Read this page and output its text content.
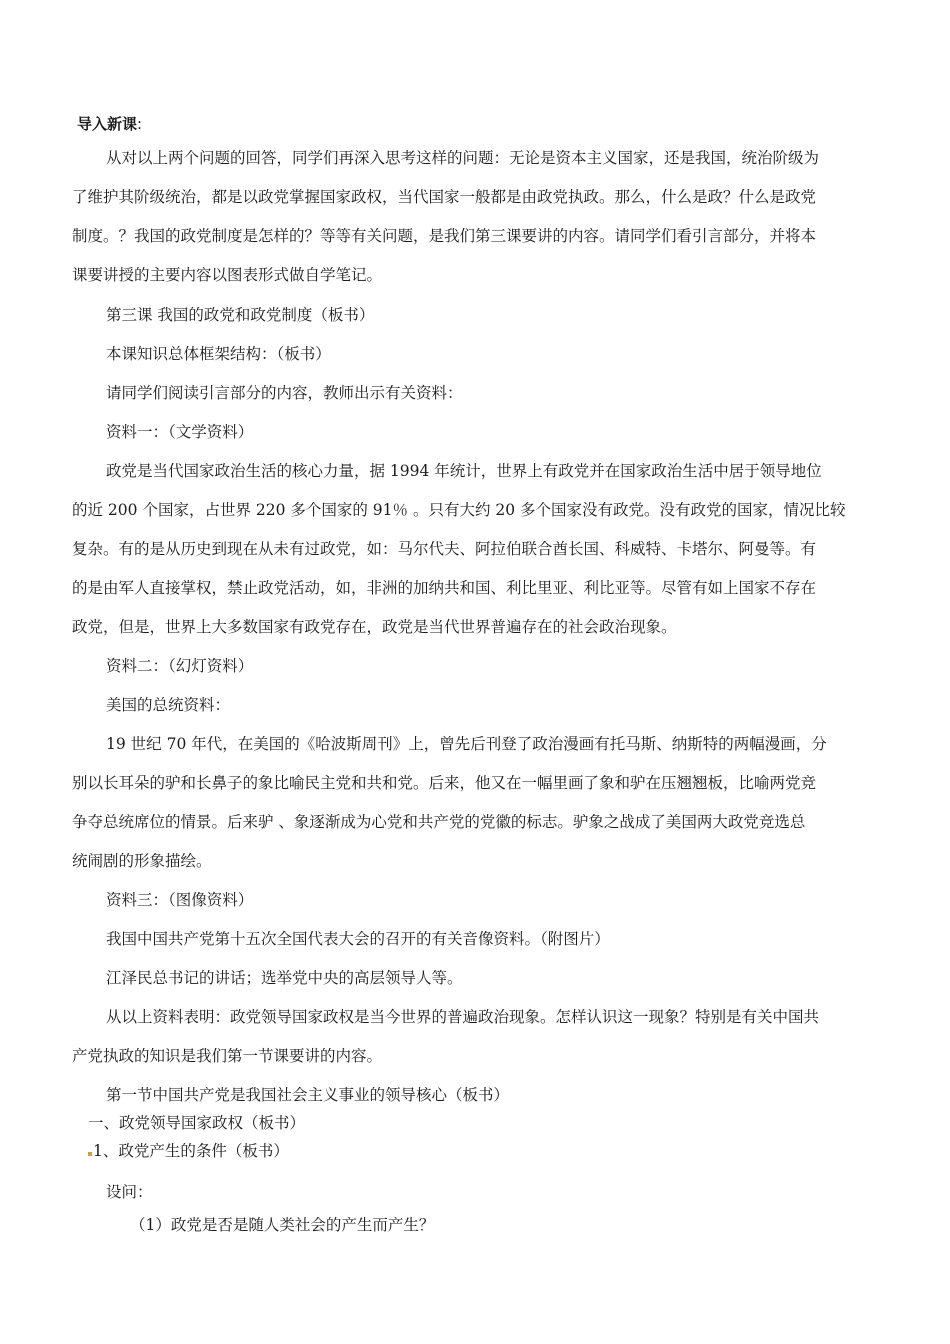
导入新课:
从对以上两个问题的回答，同学们再深入思考这样的问题：无论是资本主义国家，还是我国，统治阶级为
了维护其阶级统治，都是以政党掌握国家政权，当代国家一般都是由政党执政。那么，什么是政？什么是政党
制度。？我国的政党制度是怎样的？等等有关问题，是我们第三课要讲的内容。请同学们看引言部分，并将本
课要讲授的主要内容以图表形式做自学笔记。
第三课 我国的政党和政党制度（板书）
本课知识总体框架结构：（板书）
请同学们阅读引言部分的内容，教师出示有关资料：
资料一：（文学资料）
政党是当代国家政治生活的核心力量，据 1994 年统计，世界上有政党并在国家政治生活中居于领导地位
的近 200 个国家，占世界 220 多个国家的 91％ 。只有大约 20 多个国家没有政党。没有政党的国家，情况比较
复杂。有的是从历史到现在从未有过政党，如：马尔代夫、阿拉伯联合酋长国、科威特、卡塔尔、阿曼等。有
的是由军人直接掌权，禁止政党活动，如，非洲的加纳共和国、利比里亚、利比亚等。尽管有如上国家不存在
政党，但是，世界上大多数国家有政党存在，政党是当代世界普遍存在的社会政治现象。
资料二：（幻灯资料）
美国的总统资料：
19 世纪 70 年代，在美国的《哈波斯周刊》上，曾先后刊登了政治漫画有托马斯、纳斯特的两幅漫画，分
别以长耳朵的驴和长鼻子的象比喻民主党和共和党。后来，他又在一幅里画了象和驴在压翘翘板，比喻两党竞
争夺总统席位的情景。后来驴 、象逐渐成为心党和共产党的党徽的标志。驴象之战成了美国两大政党竞选总
统闹剧的形象描绘。
资料三：（图像资料）
我国中国共产党第十五次全国代表大会的召开的有关音像资料。（附图片）
江泽民总书记的讲话；选举党中央的高层领导人等。
从以上资料表明：政党领导国家政权是当今世界的普遍政治现象。怎样认识这一现象？特别是有关中国共
产党执政的知识是我们第一节课要讲的内容。
第一节中国共产党是我国社会主义事业的领导核心（板书）
一、政党领导国家政权（板书）
1、政党产生的条件（板书）
设问：
（1）政党是否是随人类社会的产生而产生？
